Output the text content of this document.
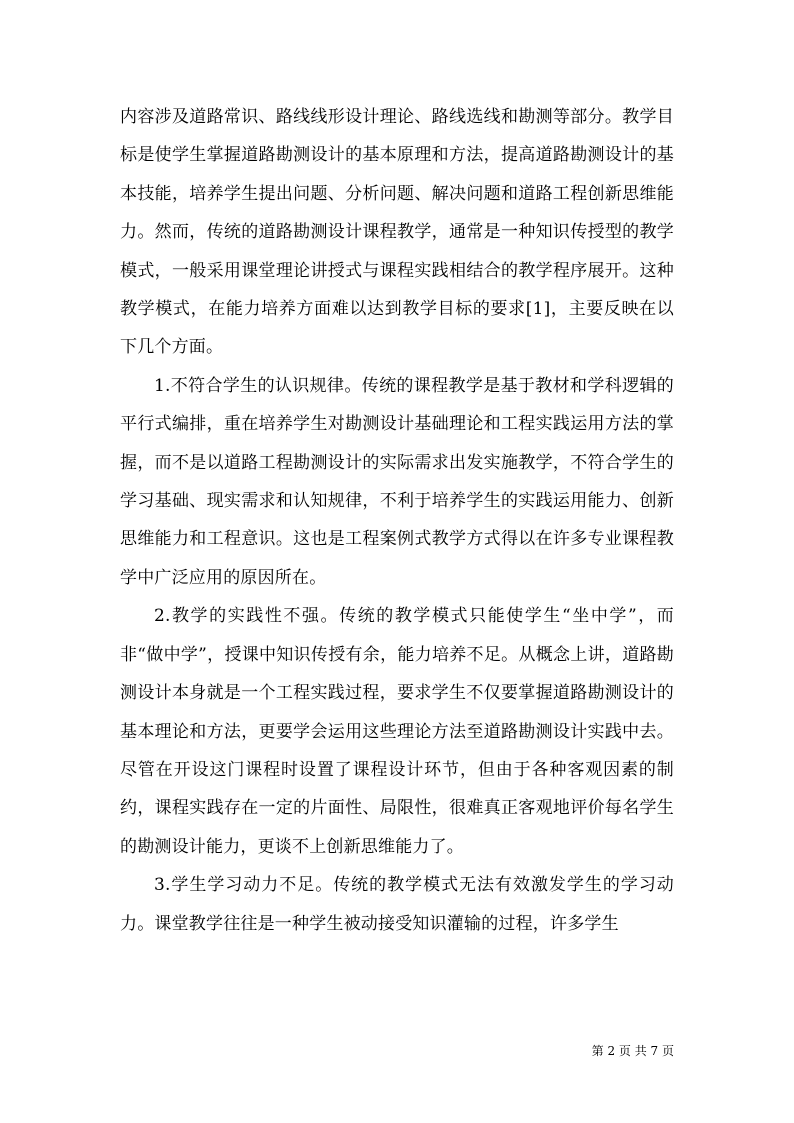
内容涉及道路常识、路线线形设计理论、路线选线和勘测等部分。教学目标是使学生掌握道路勘测设计的基本原理和方法，提高道路勘测设计的基本技能，培养学生提出问题、分析问题、解决问题和道路工程创新思维能力。然而，传统的道路勘测设计课程教学，通常是一种知识传授型的教学模式，一般采用课堂理论讲授式与课程实践相结合的教学程序展开。这种教学模式，在能力培养方面难以达到教学目标的要求[1]，主要反映在以下几个方面。

1.不符合学生的认识规律。传统的课程教学是基于教材和学科逻辑的平行式编排，重在培养学生对勘测设计基础理论和工程实践运用方法的掌握，而不是以道路工程勘测设计的实际需求出发实施教学，不符合学生的学习基础、现实需求和认知规律，不利于培养学生的实践运用能力、创新思维能力和工程意识。这也是工程案例式教学方式得以在许多专业课程教学中广泛应用的原因所在。

2.教学的实践性不强。传统的教学模式只能使学生“坐中学”，而非“做中学”，授课中知识传授有余，能力培养不足。从概念上讲，道路勘测设计本身就是一个工程实践过程，要求学生不仅要掌握道路勘测设计的基本理论和方法，更要学会运用这些理论方法至道路勘测设计实践中去。尽管在开设这门课程时设置了课程设计环节，但由于各种客观因素的制约，课程实践存在一定的片面性、局限性，很难真正客观地评价每名学生的勘测设计能力，更谈不上创新思维能力了。

3.学生学习动力不足。传统的教学模式无法有效激发学生的学习动力。课堂教学往往是一种学生被动接受知识灌输的过程，许多学生

第 2 页 共 7 页
